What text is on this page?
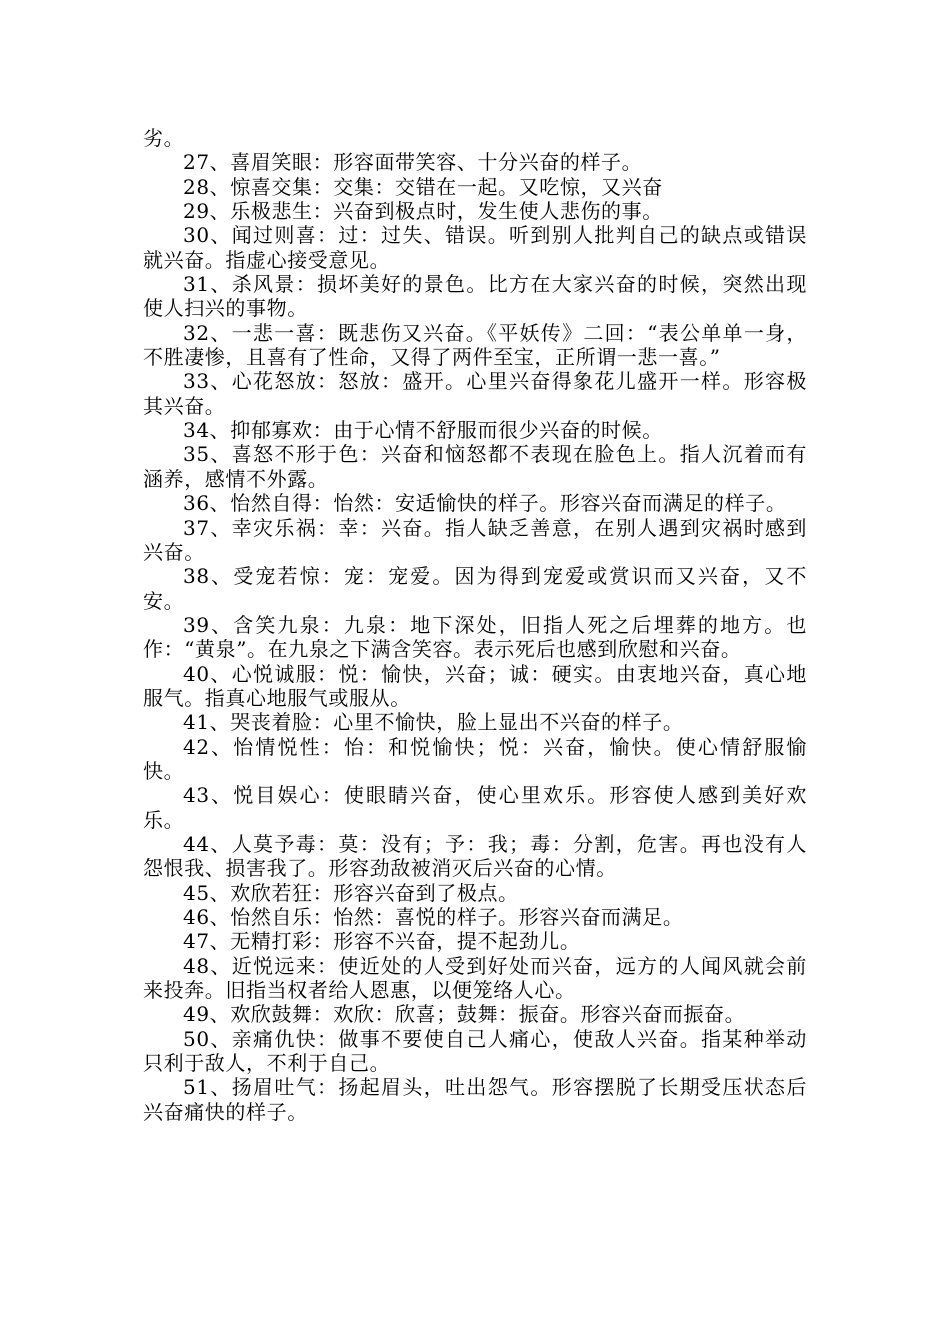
劣。

27、喜眉笑眼：形容面带笑容、十分兴奋的样子。

28、惊喜交集：交集：交错在一起。又吃惊，又兴奋

29、乐极悲生：兴奋到极点时，发生使人悲伤的事。

30、闻过则喜：过：过失、错误。听到别人批判自己的缺点或错误就兴奋。指虚心接受意见。

31、杀风景：损坏美好的景色。比方在大家兴奋的时候，突然出现使人扫兴的事物。

32、一悲一喜：既悲伤又兴奋。《平妖传》二回：“表公单单一身，不胜凄惨，且喜有了性命，又得了两件至宝，正所谓一悲一喜。”

33、心花怒放：怒放：盛开。心里兴奋得象花儿盛开一样。形容极其兴奋。

34、抑郁寡欢：由于心情不舒服而很少兴奋的时候。

35、喜怒不形于色：兴奋和恼怒都不表现在脸色上。指人沉着而有涵养，感情不外露。

36、怡然自得：怡然：安适愉快的样子。形容兴奋而满足的样子。

37、幸灾乐祸：幸：兴奋。指人缺乏善意，在别人遇到灾祸时感到兴奋。

38、受宠若惊：宠：宠爱。因为得到宠爱或赏识而又兴奋，又不安。

39、含笑九泉：九泉：地下深处，旧指人死之后埋葬的地方。也作：“黄泉”。在九泉之下满含笑容。表示死后也感到欣慰和兴奋。

40、心悦诚服：悦：愉快，兴奋；诚：硬实。由衷地兴奋，真心地服气。指真心地服气或服从。

41、哭丧着脸：心里不愉快，脸上显出不兴奋的样子。

42、怡情悦性：怡：和悦愉快；悦：兴奋，愉快。使心情舒服愉快。

43、悦目娱心：使眼睛兴奋，使心里欢乐。形容使人感到美好欢乐。

44、人莫予毒：莫：没有；予：我；毒：分割，危害。再也没有人怨恨我、损害我了。形容劲敌被消灭后兴奋的心情。

45、欢欣若狂：形容兴奋到了极点。

46、怡然自乐：怡然：喜悦的样子。形容兴奋而满足。

47、无精打彩：形容不兴奋，提不起劲儿。

48、近悦远来：使近处的人受到好处而兴奋，远方的人闻风就会前来投奔。旧指当权者给人恩惠，以便笼络人心。

49、欢欣鼓舞：欢欣：欣喜；鼓舞：振奋。形容兴奋而振奋。

50、亲痛仇快：做事不要使自己人痛心，使敌人兴奋。指某种举动只利于敌人，不利于自己。

51、扬眉吐气：扬起眉头，吐出怨气。形容摆脱了长期受压状态后兴奋痛快的样子。
